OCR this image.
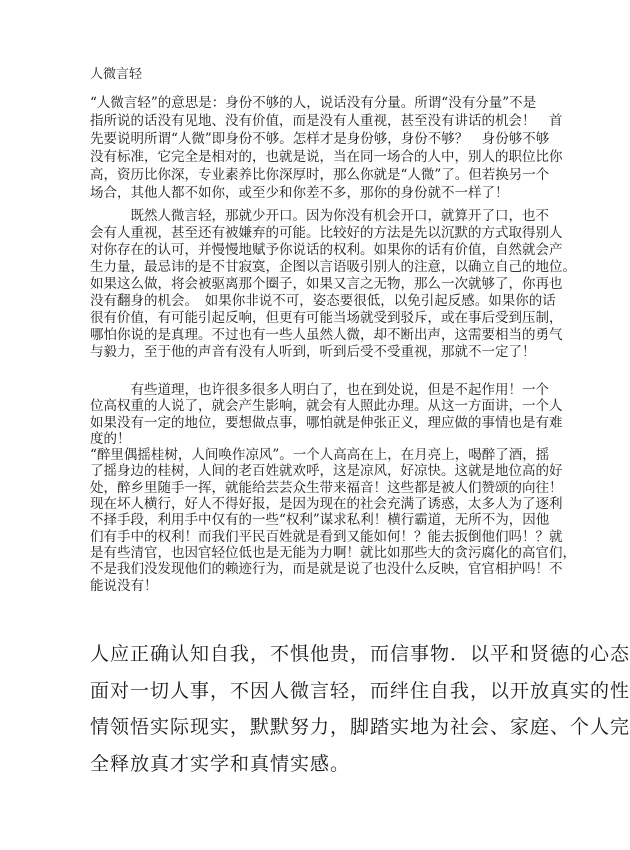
人微言轻
“人微言轻”的意思是：身份不够的人，说话没有分量。所谓“没有分量”不是
指所说的话没有见地、没有价值，而是没有人重视，甚至没有讲话的机会！　首
先要说明所谓“人微”即身份不够。怎样才是身份够，身份不够？　身份够不够
没有标准，它完全是相对的，也就是说，当在同一场合的人中，别人的职位比你
高，资历比你深，专业素养比你深厚时，那么你就是“人微”了。但若换另一个
场合，其他人都不如你，或至少和你差不多，那你的身份就不一样了！
　　　既然人微言轻，那就少开口。因为你没有机会开口，就算开了口，也不
会有人重视，甚至还有被嫌弃的可能。比较好的方法是先以沉默的方式取得别人
对你存在的认可，并慢慢地赋予你说话的权利。如果你的话有价值，自然就会产
生力量，最忌讳的是不甘寂寞，企图以言语吸引别人的注意，以确立自己的地位。
如果这么做，将会被驱离那个圈子，如果又言之无物，那么一次就够了，你再也
没有翻身的机会。　如果你非说不可，姿态要很低，以免引起反感。如果你的话
很有价值，有可能引起反响，但更有可能当场就受到驳斥，或在事后受到压制，
哪怕你说的是真理。不过也有一些人虽然人微，却不断出声，这需要相当的勇气
与毅力，至于他的声音有没有人听到，听到后受不受重视，那就不一定了！
　　　有些道理，也许很多很多人明白了，也在到处说，但是不起作用！一个
位高权重的人说了，就会产生影响，就会有人照此办理。从这一方面讲，一个人
如果没有一定的地位，要想做点事，哪怕就是伸张正义，理应做的事情也是有难
度的！
“醉里偶摇桂树，人间唤作凉风”。一个人高高在上，在月亮上，喝醉了酒，摇
了摇身边的桂树，人间的老百姓就欢呼，这是凉风，好凉快。这就是地位高的好
处，醉乡里随手一挥，就能给芸芸众生带来福音！这些都是被人们赞颂的向往！
现在坏人横行，好人不得好报，是因为现在的社会充满了诱惑，太多人为了逐利
不择手段，利用手中仅有的一些“权利”谋求私利！横行霸道，无所不为，因他
们有手中的权利！而我们平民百姓就是看到又能如何！？能去扳倒他们吗！？就
是有些清官，也因官轻位低也是无能为力啊！就比如那些大的贪污腐化的高官们，
不是我们没发现他们的赖迹行为，而是就是说了也没什么反映，官官相护吗！不
能说没有！
人应正确认知自我，不惧他贵，而信事物．以平和贤德的心态
面对一切人事，不因人微言轻，而绊住自我，以开放真实的性
情领悟实际现实，默默努力，脚踏实地为社会、家庭、个人完
全释放真才实学和真情实感。
